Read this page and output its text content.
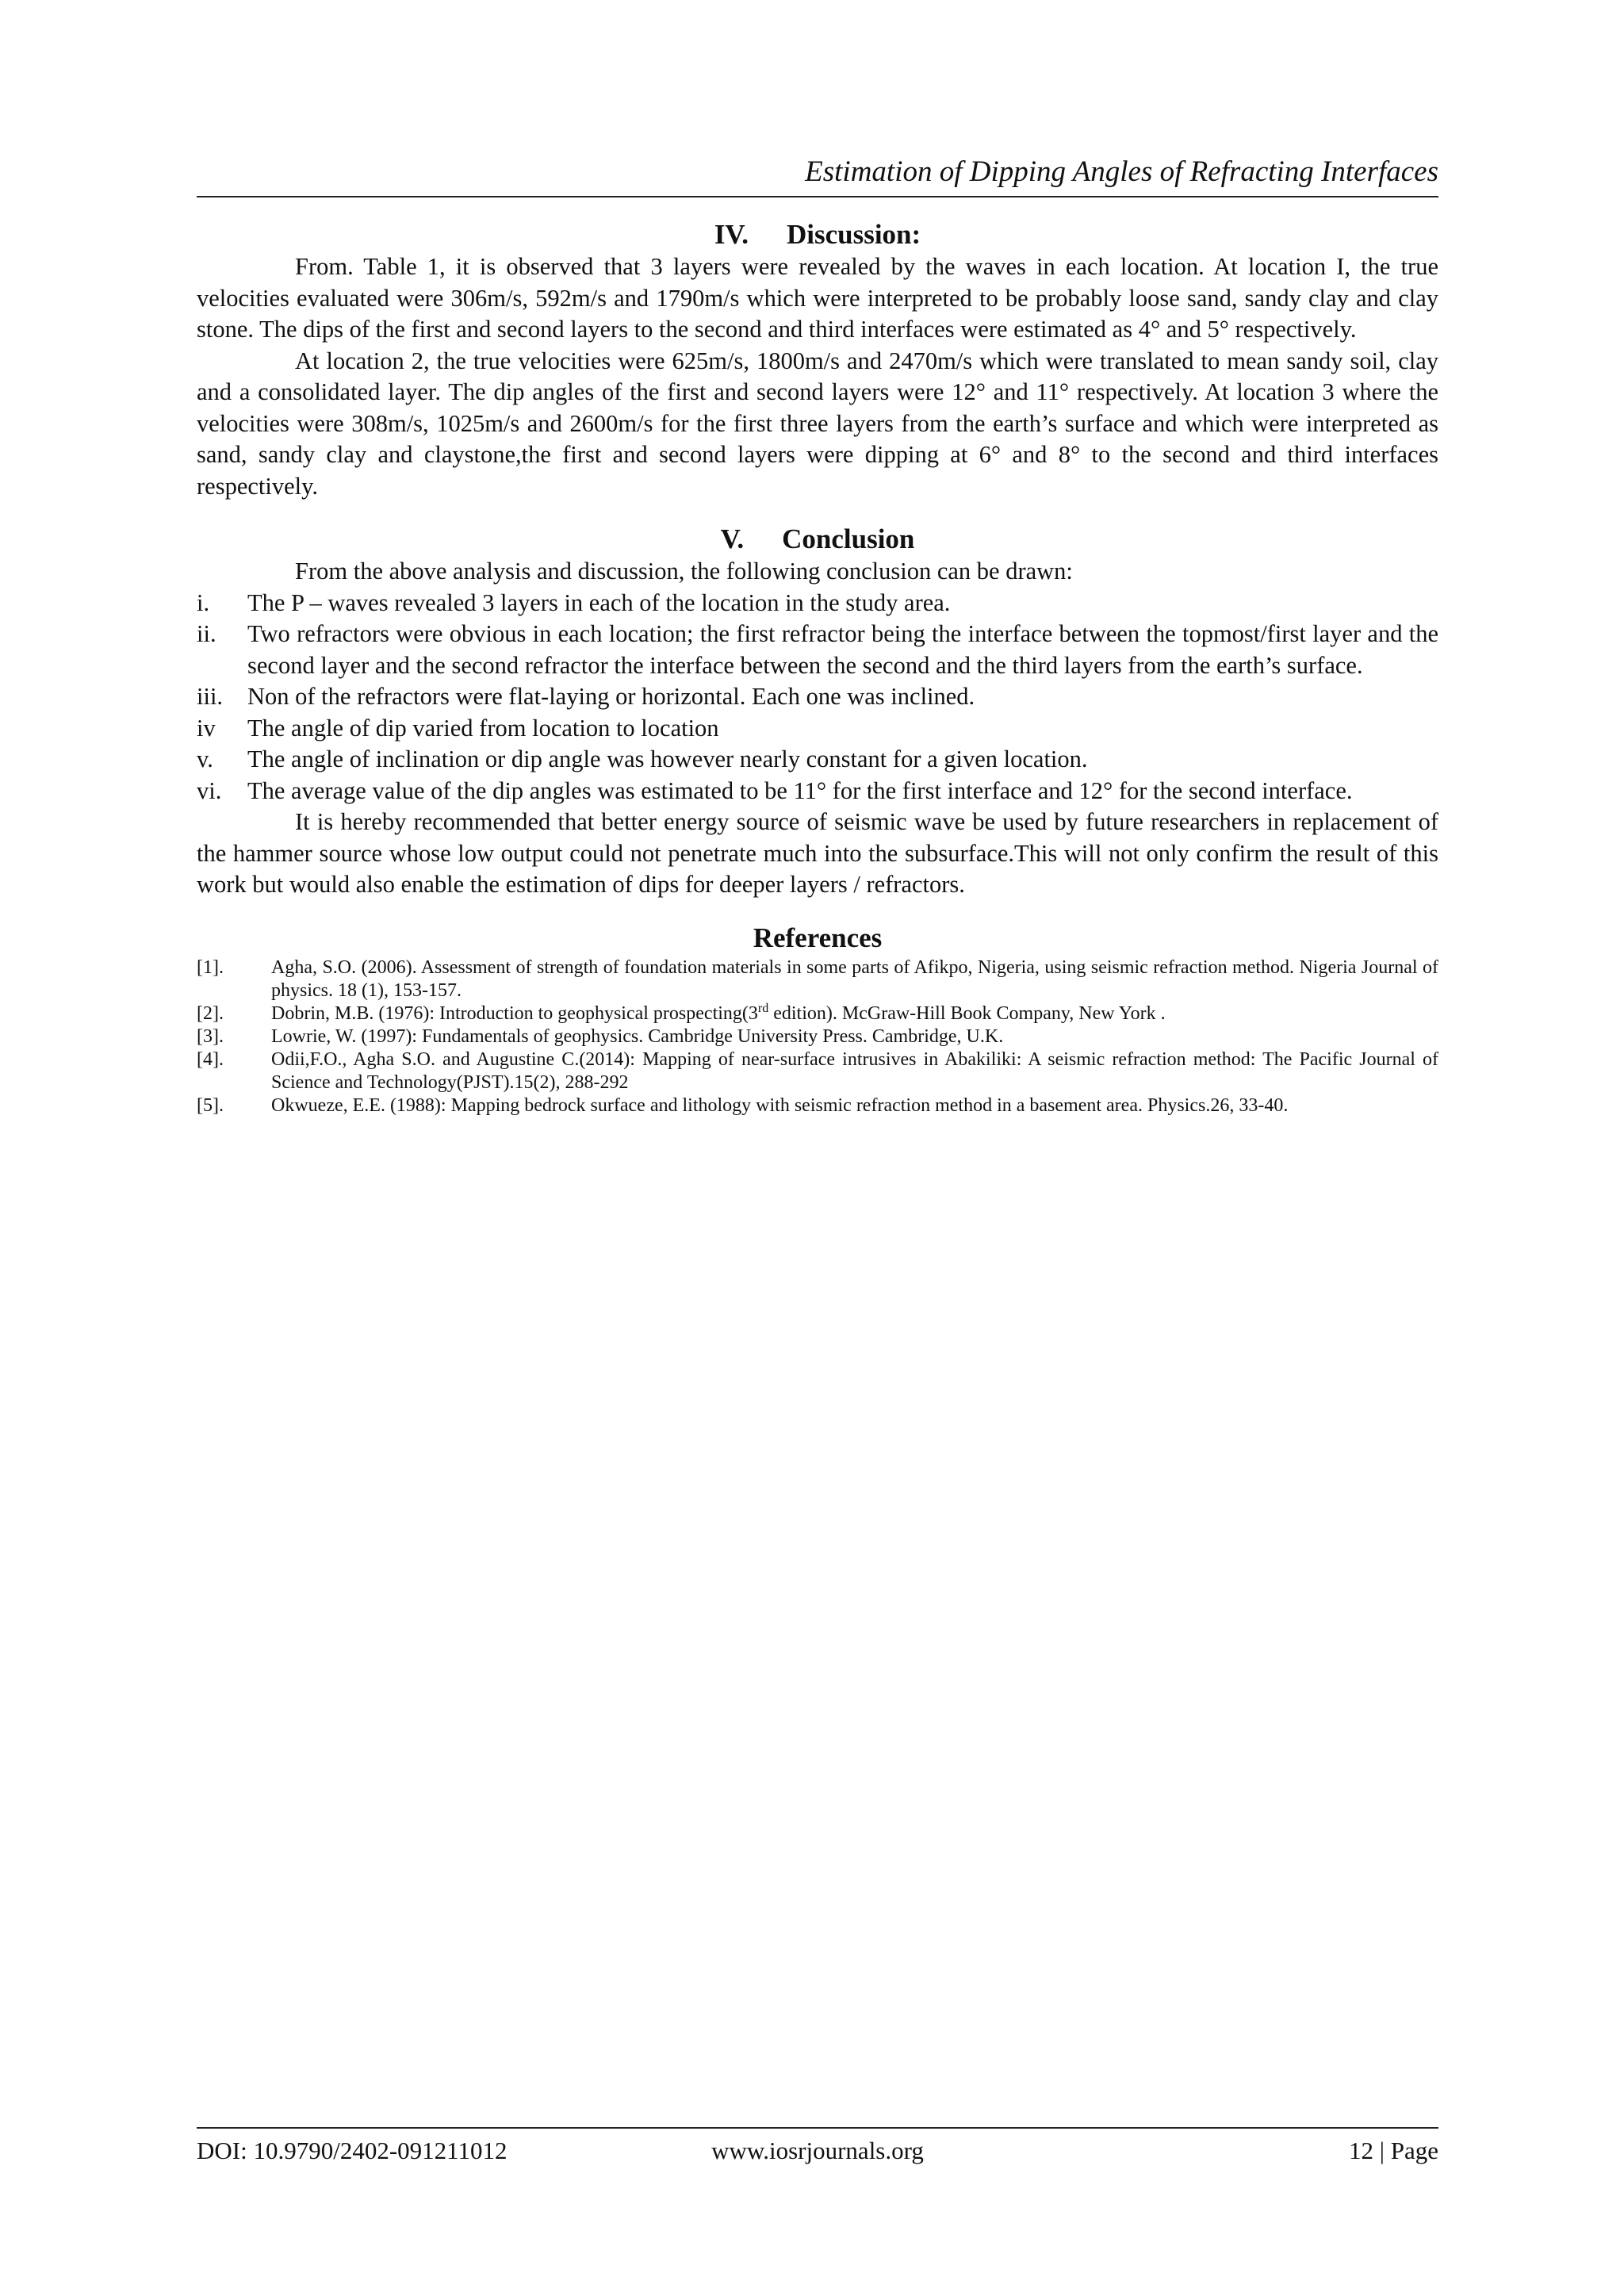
Estimation of Dipping Angles of Refracting Interfaces
IV. Discussion:

From. Table 1, it is observed that 3 layers were revealed by the waves in each location. At location I, the true velocities evaluated were 306m/s, 592m/s and 1790m/s which were interpreted to be probably loose sand, sandy clay and clay stone. The dips of the first and second layers to the second and third interfaces were estimated as 4° and 5° respectively.

At location 2, the true velocities were 625m/s, 1800m/s and 2470m/s which were translated to mean sandy soil, clay and a consolidated layer. The dip angles of the first and second layers were 12° and 11° respectively. At location 3 where the velocities were 308m/s, 1025m/s and 2600m/s for the first three layers from the earth’s surface and which were interpreted as sand, sandy clay and claystone,the first and second layers were dipping at 6° and 8° to the second and third interfaces respectively.

V. Conclusion

From the above analysis and discussion, the following conclusion can be drawn:

i. The P – waves revealed 3 layers in each of the location in the study area.
ii. Two refractors were obvious in each location; the first refractor being the interface between the topmost/first layer and the second layer and the second refractor the interface between the second and the third layers from the earth’s surface.
iii. Non of the refractors were flat-laying or horizontal. Each one was inclined.
iv The angle of dip varied from location to location
v. The angle of inclination or dip angle was however nearly constant for a given location.
vi. The average value of the dip angles was estimated to be 11° for the first interface and 12° for the second interface.

It is hereby recommended that better energy source of seismic wave be used by future researchers in replacement of the hammer source whose low output could not penetrate much into the subsurface.This will not only confirm the result of this work but would also enable the estimation of dips for deeper layers / refractors.

References
[1].	Agha, S.O. (2006). Assessment of strength of foundation materials in some parts of Afikpo, Nigeria, using seismic refraction method. Nigeria Journal of physics. 18 (1), 153-157.
[2].	Dobrin, M.B. (1976): Introduction to geophysical prospecting(3rd edition). McGraw-Hill Book Company, New York .
[3].	Lowrie, W. (1997): Fundamentals of geophysics. Cambridge University Press. Cambridge, U.K.
[4].	Odii,F.O., Agha S.O. and Augustine C.(2014): Mapping of near-surface intrusives in Abakiliki: A seismic refraction method: The Pacific Journal of Science and Technology(PJST).15(2), 288-292
[5].	Okwueze, E.E. (1988): Mapping bedrock surface and lithology with seismic refraction method in a basement area. Physics.26, 33-40.
DOI: 10.9790/2402-091211012	www.iosrjournals.org	12 | Page
